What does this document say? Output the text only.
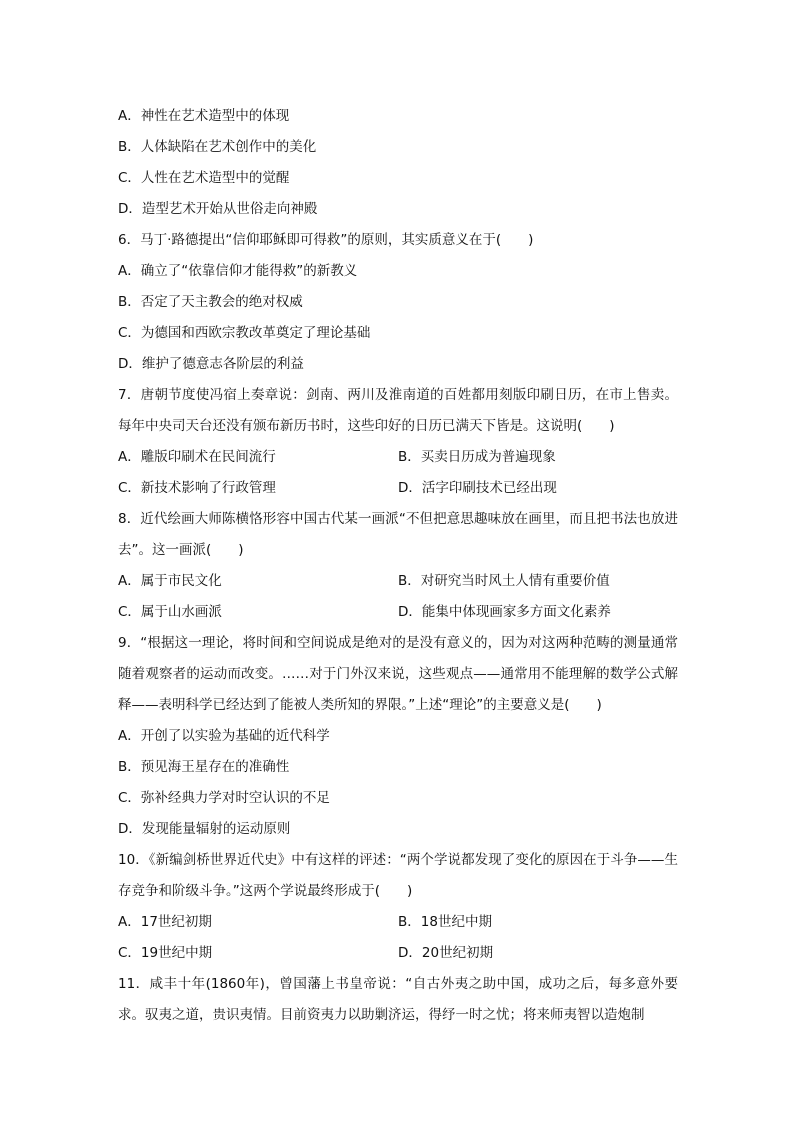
A．神性在艺术造型中的体现
B．人体缺陷在艺术创作中的美化
C．人性在艺术造型中的觉醒
D．造型艺术开始从世俗走向神殿
6．马丁·路德提出“信仰耶稣即可得救”的原则，其实质意义在于(　　)
A．确立了“依靠信仰才能得救”的新教义
B．否定了天主教会的绝对权威
C．为德国和西欧宗教改革奠定了理论基础
D．维护了德意志各阶层的利益
7．唐朝节度使冯宿上奏章说：剑南、两川及淮南道的百姓都用刻版印刷日历，在市上售卖。每年中央司天台还没有颁布新历书时，这些印好的日历已满天下皆是。这说明(　　)
A．雕版印刷术在民间流行	B．买卖日历成为普遍现象
C．新技术影响了行政管理	D．活字印刷技术已经出现
8．近代绘画大师陈横恪形容中国古代某一画派“不但把意思趣味放在画里，而且把书法也放进去”。这一画派(　　)
A．属于市民文化	B．对研究当时风土人情有重要价值
C．属于山水画派	D．能集中体现画家多方面文化素养
9．“根据这一理论，将时间和空间说成是绝对的是没有意义的，因为对这两种范畴的测量通常随着观察者的运动而改变。……对于门外汉来说，这些观点——通常用不能理解的数学公式解释——表明科学已经达到了能被人类所知的界限。”上述“理论”的主要意义是(　　)
A．开创了以实验为基础的近代科学
B．预见海王星存在的准确性
C．弥补经典力学对时空认识的不足
D．发现能量辐射的运动原则
10．《新编剑桥世界近代史》中有这样的评述：“两个学说都发现了变化的原因在于斗争——生存竞争和阶级斗争。”这两个学说最终形成于(　　)
A．17世纪初期	B．18世纪中期
C．19世纪中期	D．20世纪初期
11．咸丰十年(1860年)，曾国藩上书皇帝说：“自古外夷之助中国，成功之后，每多意外要求。驭夷之道，贵识夷情。目前资夷力以助剿济运，得纾一时之忧；将来师夷智以造炮制
